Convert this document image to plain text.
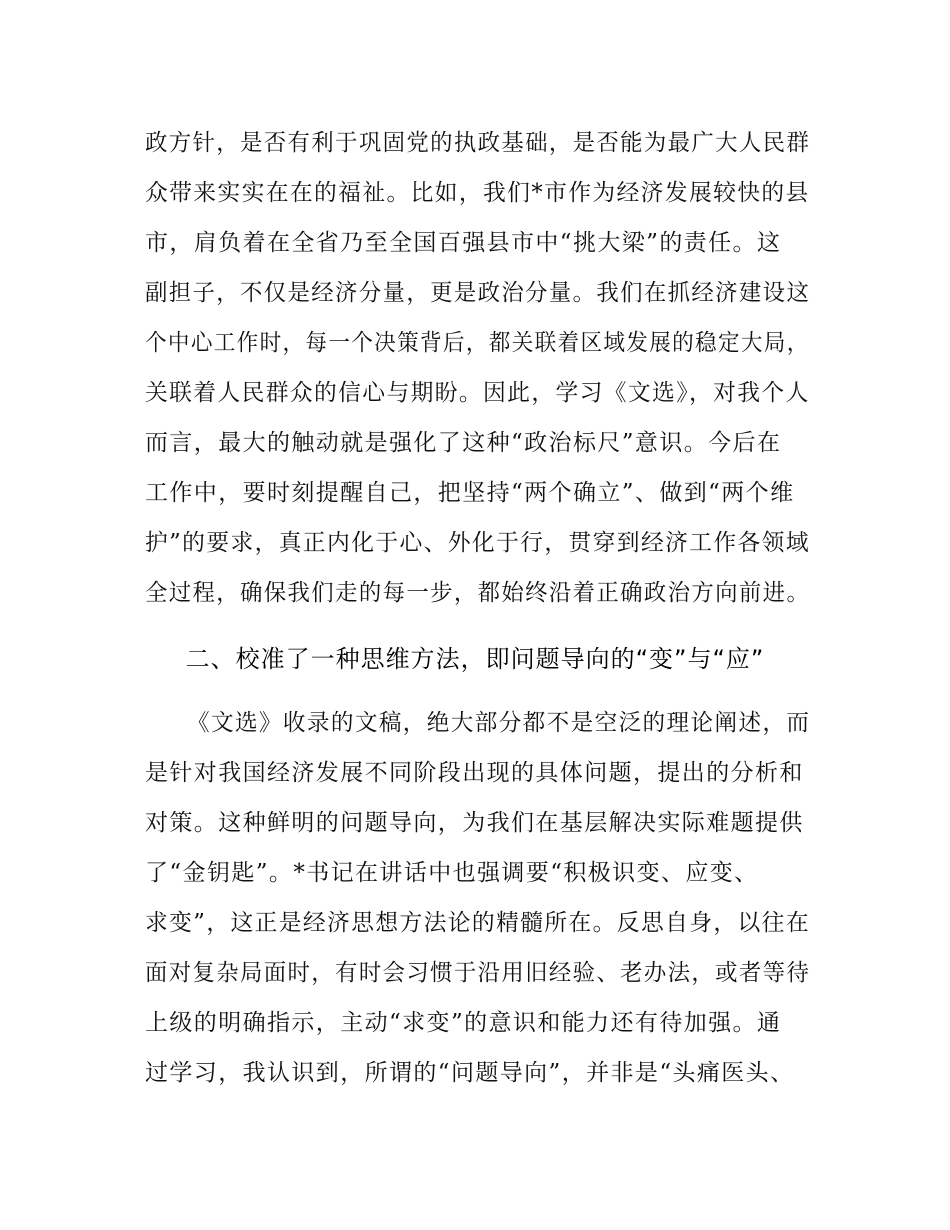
政方针，是否有利于巩固党的执政基础，是否能为最广大人民群
众带来实实在在的福祉。比如，我们*市作为经济发展较快的县
市，肩负着在全省乃至全国百强县市中“挑大梁”的责任。这
副担子，不仅是经济分量，更是政治分量。我们在抓经济建设这
个中心工作时，每一个决策背后，都关联着区域发展的稳定大局，
关联着人民群众的信心与期盼。因此，学习《文选》，对我个人
而言，最大的触动就是强化了这种“政治标尺”意识。今后在
工作中，要时刻提醒自己，把坚持“两个确立”、做到“两个维
护”的要求，真正内化于心、外化于行，贯穿到经济工作各领域
全过程，确保我们走的每一步，都始终沿着正确政治方向前进。
二、校准了一种思维方法，即问题导向的“变”与“应”
《文选》收录的文稿，绝大部分都不是空泛的理论阐述，而
是针对我国经济发展不同阶段出现的具体问题，提出的分析和
对策。这种鲜明的问题导向，为我们在基层解决实际难题提供
了“金钥匙”。*书记在讲话中也强调要“积极识变、应变、
求变”，这正是经济思想方法论的精髓所在。反思自身，以往在
面对复杂局面时，有时会习惯于沿用旧经验、老办法，或者等待
上级的明确指示，主动“求变”的意识和能力还有待加强。通
过学习，我认识到，所谓的“问题导向”，并非是“头痛医头、
